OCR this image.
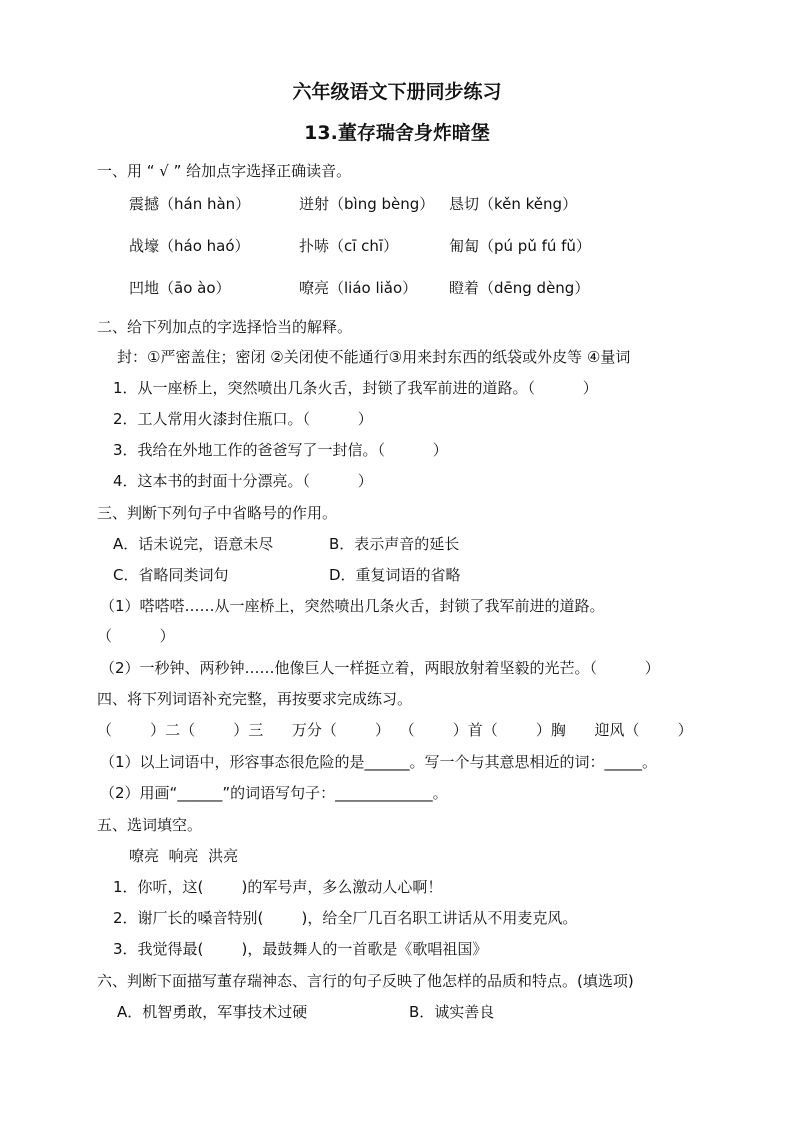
六年级语文下册同步练习
13.董存瑞舍身炸暗堡
一、用 “ √ ” 给加点字选择正确读音。
震撼（hán hàn）	迸射（bìng bèng） 恳切（kěn kěng）
战壕（háo haó）	扑哧（cī chī）	匍匐（pú pǔ fú fǔ）
凹地（āo ào）	嘹亮（liáo liǎo） 瞪着（dēng dèng）
二、给下列加点的字选择恰当的解释。
封：①严密盖住；密闭 ②关闭使不能通行③用来封东西的纸袋或外皮等 ④量词
1．从一座桥上，突然喷出几条火舌，封锁了我军前进的道路。（          ）
2．工人常用火漆封住瓶口。（          ）
3．我给在外地工作的爸爸写了一封信。（          ）
4．这本书的封面十分漂亮。（          ）
三、判断下列句子中省略号的作用。
A．话未说完，语意未尽	B．表示声音的延长
C．省略同类词句	D．重复词语的省略
（1）嗒嗒嗒……从一座桥上，突然喷出几条火舌，封锁了我军前进的道路。
（          ）
（2）一秒钟、两秒钟……他像巨人一样挺立着，两眼放射着坚毅的光芒。（          ）
四、将下列词语补充完整，再按要求完成练习。
（        ）二（        ）三      万分（        ）  （        ）首（        ）胸      迎风（        ）
（1）以上词语中，形容事态很危险的是______。写一个与其意思相近的词：_____。
（2）用画“______”的词语写句子：_____________。
五、选词填空。
嘹亮  响亮  洪亮
1．你听，这(        )的军号声，多么激动人心啊！
2．谢厂长的嗓音特别(        )，给全厂几百名职工讲话从不用麦克风。
3．我觉得最(        )，最鼓舞人的一首歌是《歌唱祖国》
六、判断下面描写董存瑞神态、言行的句子反映了他怎样的品质和特点。(填选项)
A．机智勇敢，军事技术过硬	B．诚实善良
